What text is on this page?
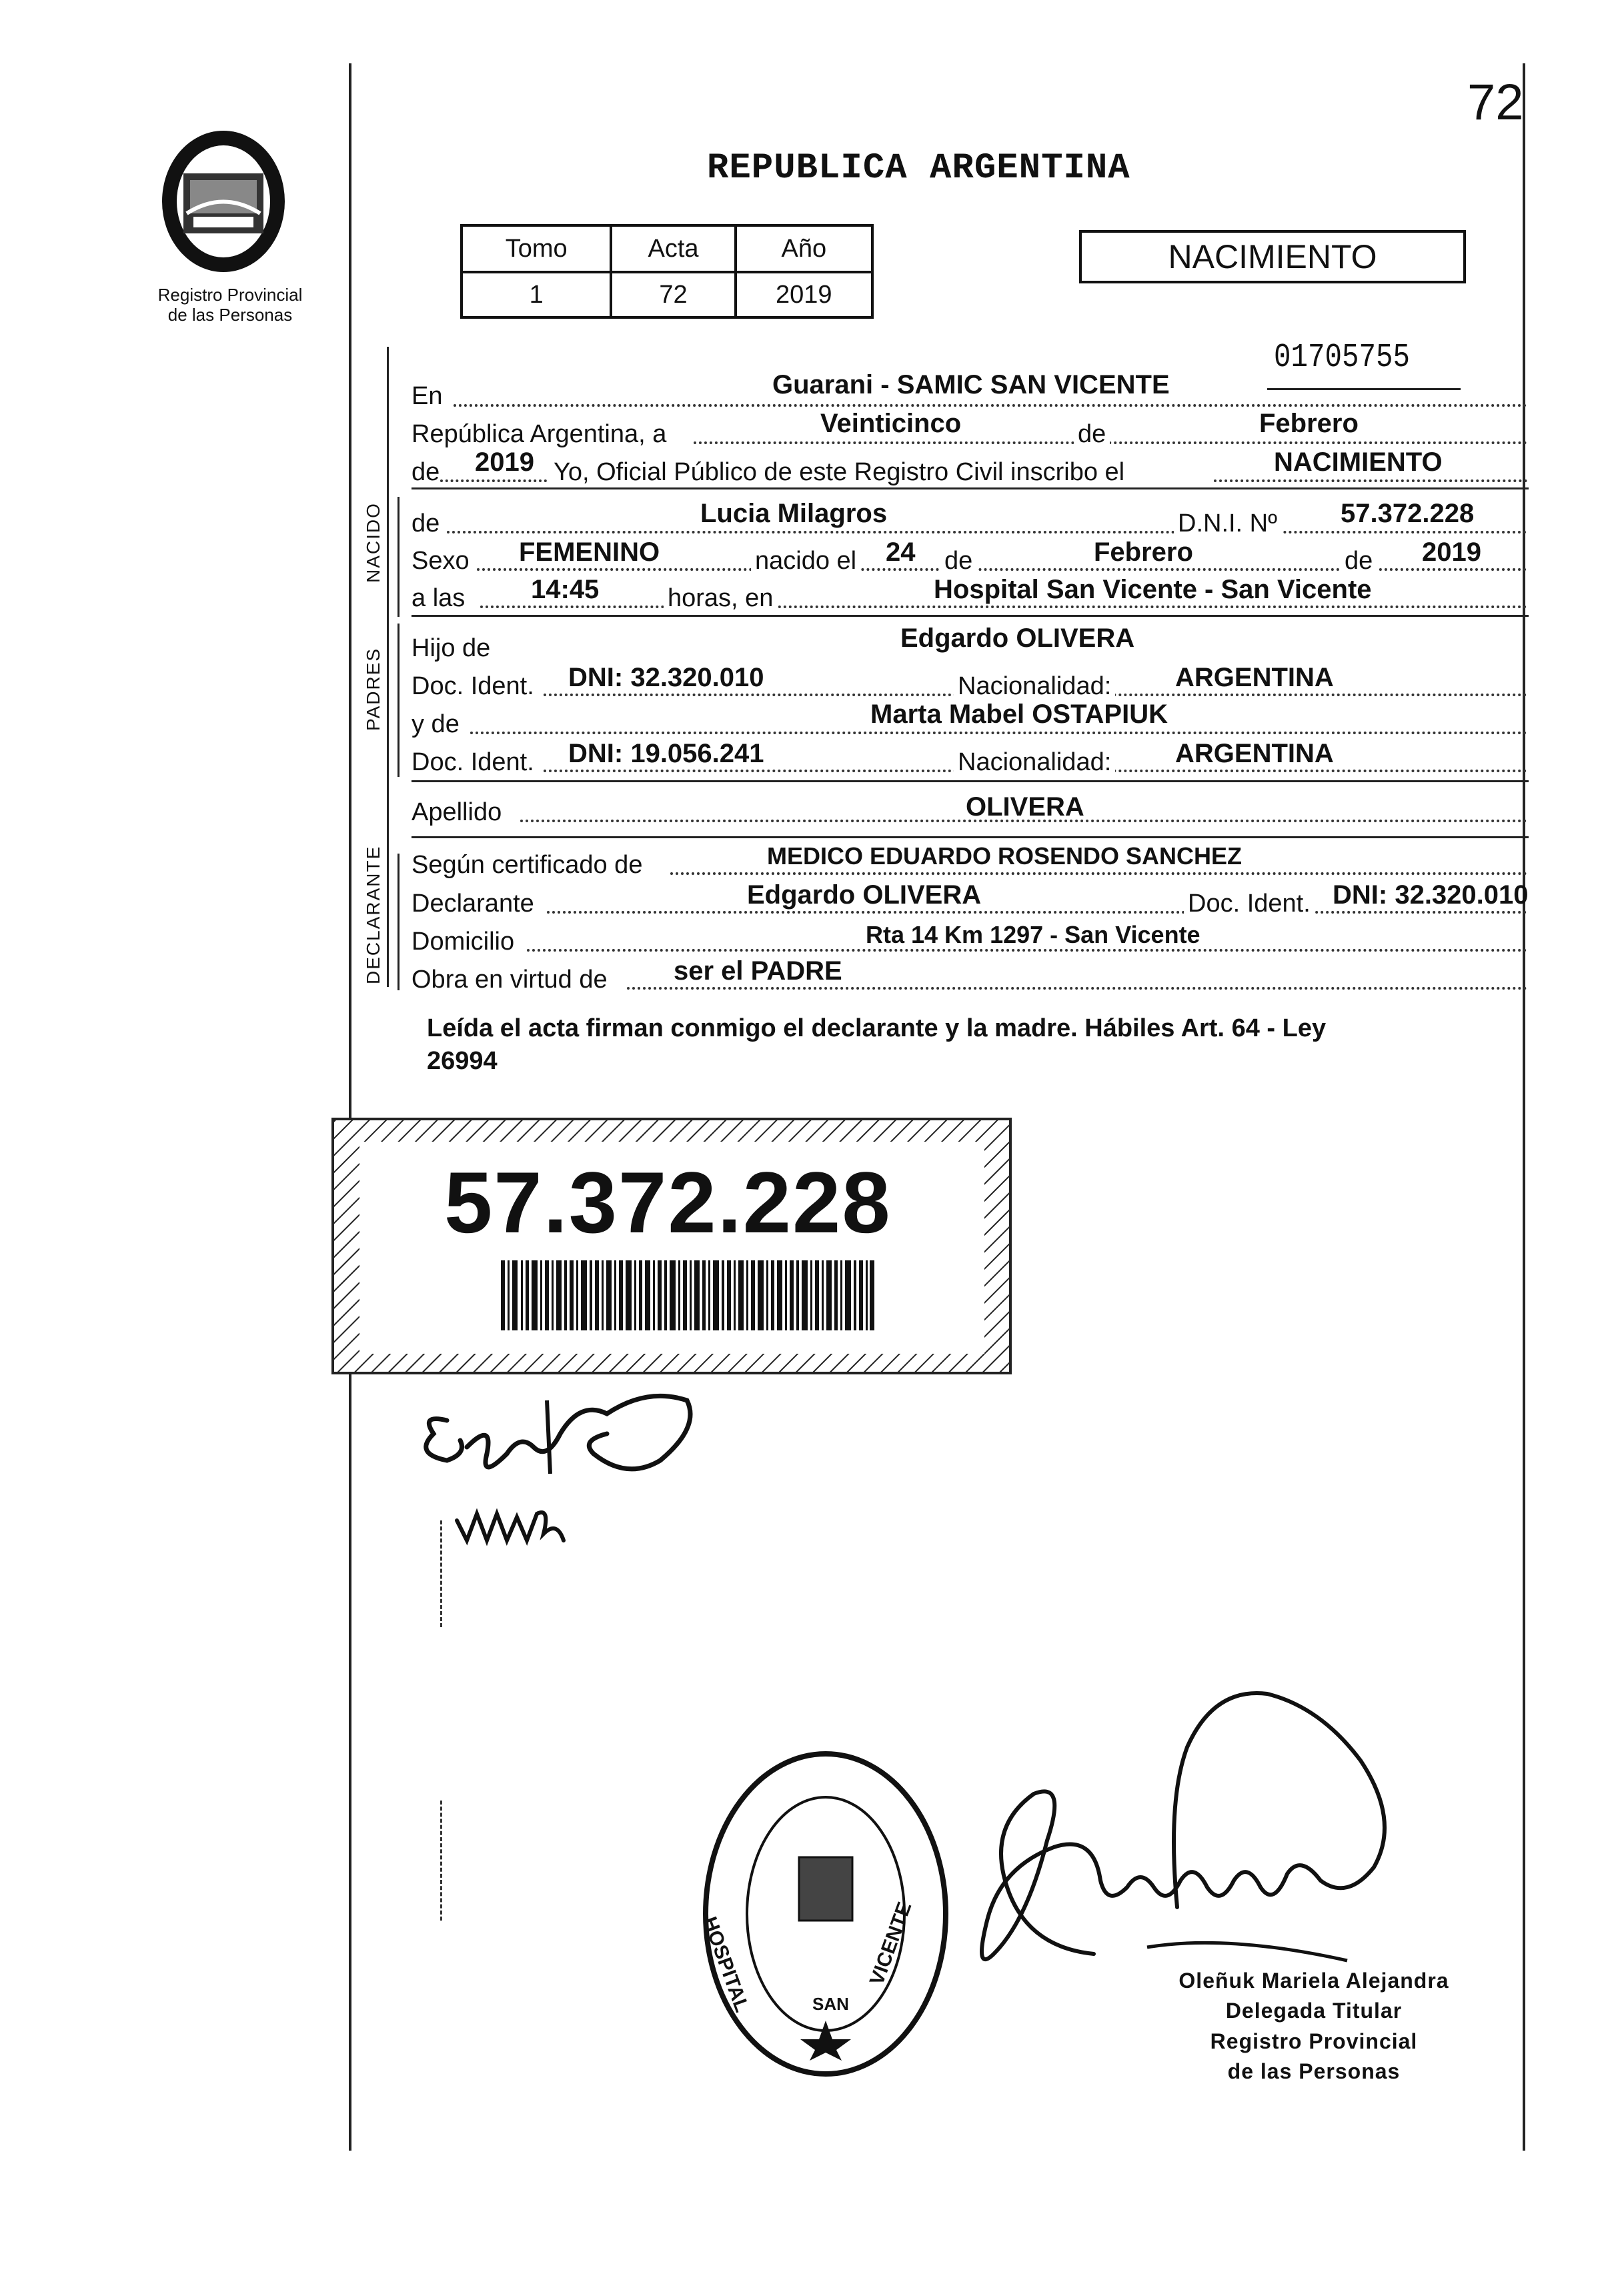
72
Registro Provincial
de las Personas
REPUBLICA ARGENTINA
Tomo	Acta	Año
1	72	2019
NACIMIENTO
01705755
En	Guarani - SAMIC SAN VICENTE
República Argentina, a	Veinticinco	de	Febrero
de 2019 Yo, Oficial Público de este Registro Civil inscribo el	NACIMIENTO
NACIDO de	Lucia Milagros	D.N.I. Nº 57.372.228
Sexo FEMENINO	nacido el 24 de	Febrero	de 2019
a las 14:45	horas, en	Hospital San Vicente - San Vicente
PADRES Hijo de	Edgardo OLIVERA
Doc. Ident. DNI: 32.320.010	Nacionalidad: ARGENTINA
y de	Marta Mabel OSTAPIUK
Doc. Ident. DNI: 19.056.241	Nacionalidad: ARGENTINA
Apellido	OLIVERA
DECLARANTE Según certificado de	MEDICO EDUARDO ROSENDO SANCHEZ
Declarante	Edgardo OLIVERA	Doc. Ident. DNI: 32.320.010
Domicilio	Rta 14 Km 1297 - San Vicente
Obra en virtud de ser el PADRE
Leída el acta firman conmigo el declarante y la madre. Hábiles Art. 64 - Ley
26994
57.372.228
HOSPITAL	VICENTE
SAN
Oleñuk Mariela Alejandra
Delegada Titular
Registro Provincial
de las Personas
